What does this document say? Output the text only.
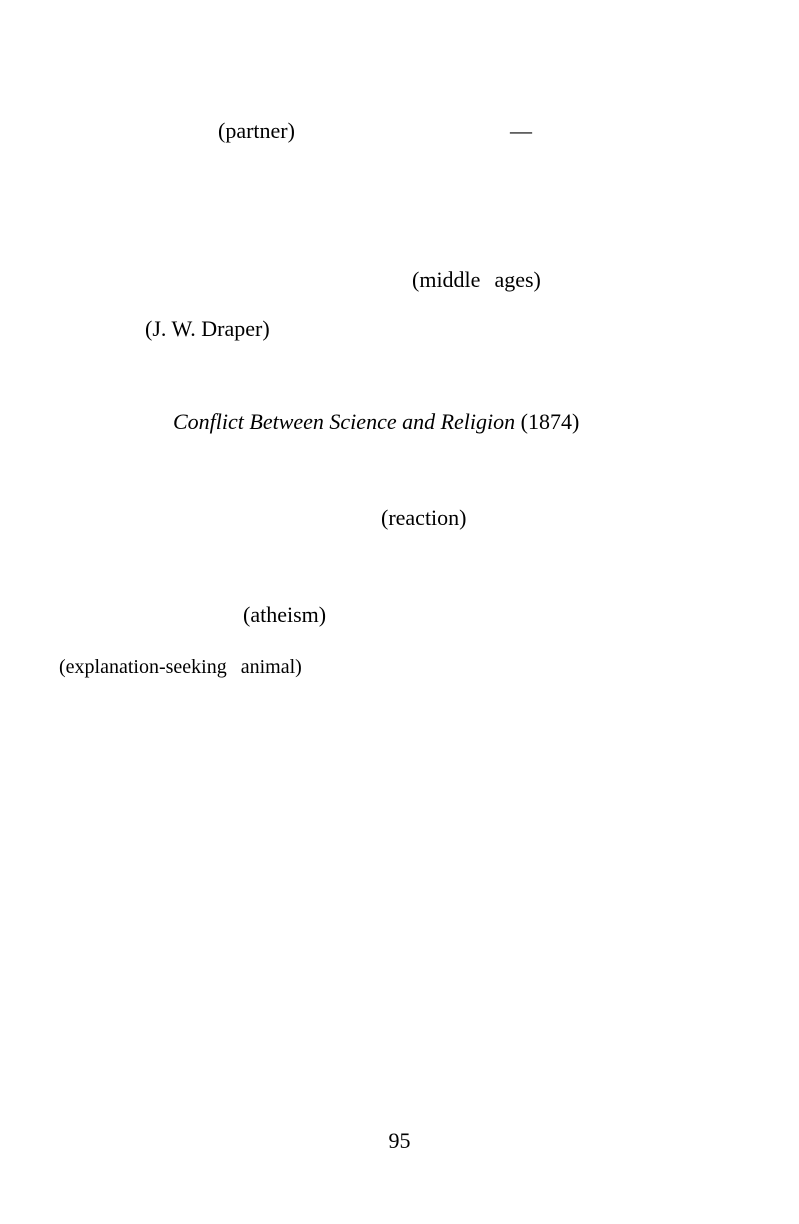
(partner)	—
(middle ages)
(J. W. Draper)
Conflict Between Science and Religion (1874)
(reaction)
(atheism)
(explanation-seeking animal)
95
